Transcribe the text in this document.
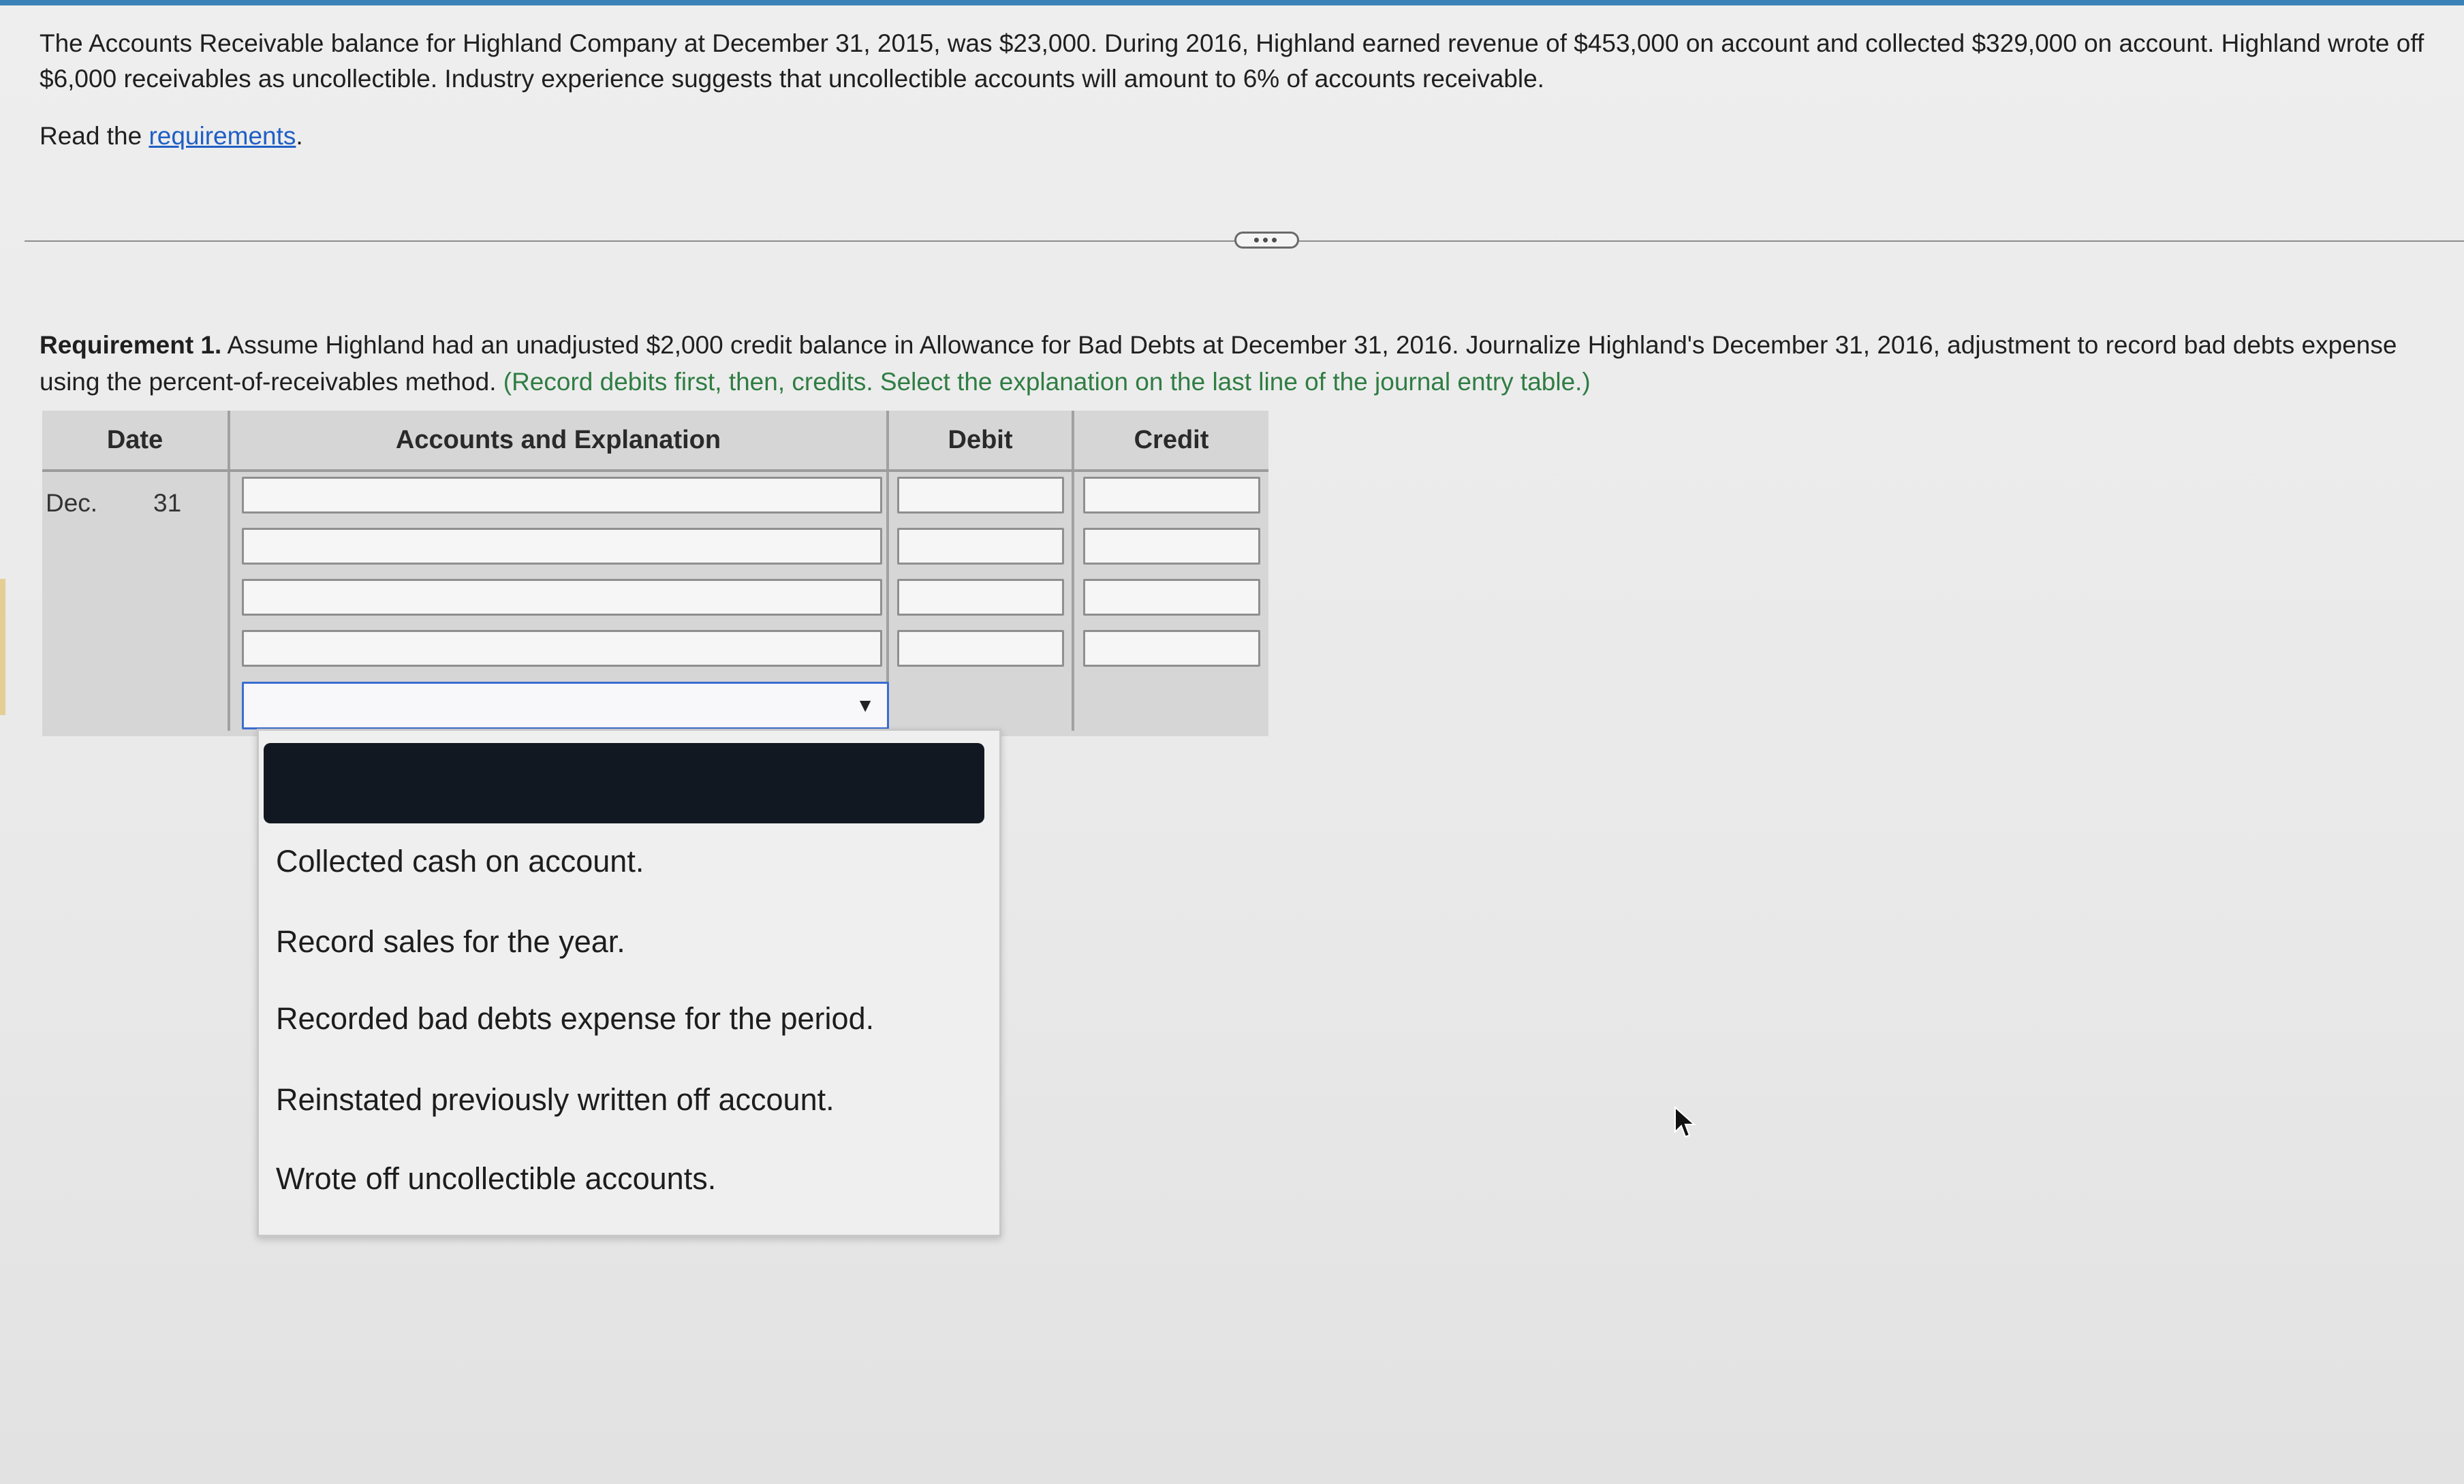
The Accounts Receivable balance for Highland Company at December 31, 2015, was $23,000. During 2016, Highland earned revenue of $453,000 on account and collected $329,000 on account. Highland wrote off $6,000 receivables as uncollectible. Industry experience suggests that uncollectible accounts will amount to 6% of accounts receivable.

Read the requirements.

•••

Requirement 1. Assume Highland had an unadjusted $2,000 credit balance in Allowance for Bad Debts at December 31, 2016. Journalize Highland's December 31, 2016, adjustment to record bad debts expense using the percent-of-receivables method. (Record debits first, then, credits. Select the explanation on the last line of the journal entry table.)

Date	Accounts and Explanation	Debit	Credit
Dec. 31
▼
Collected cash on account.
Record sales for the year.
Recorded bad debts expense for the period.
Reinstated previously written off account.
Wrote off uncollectible accounts.
